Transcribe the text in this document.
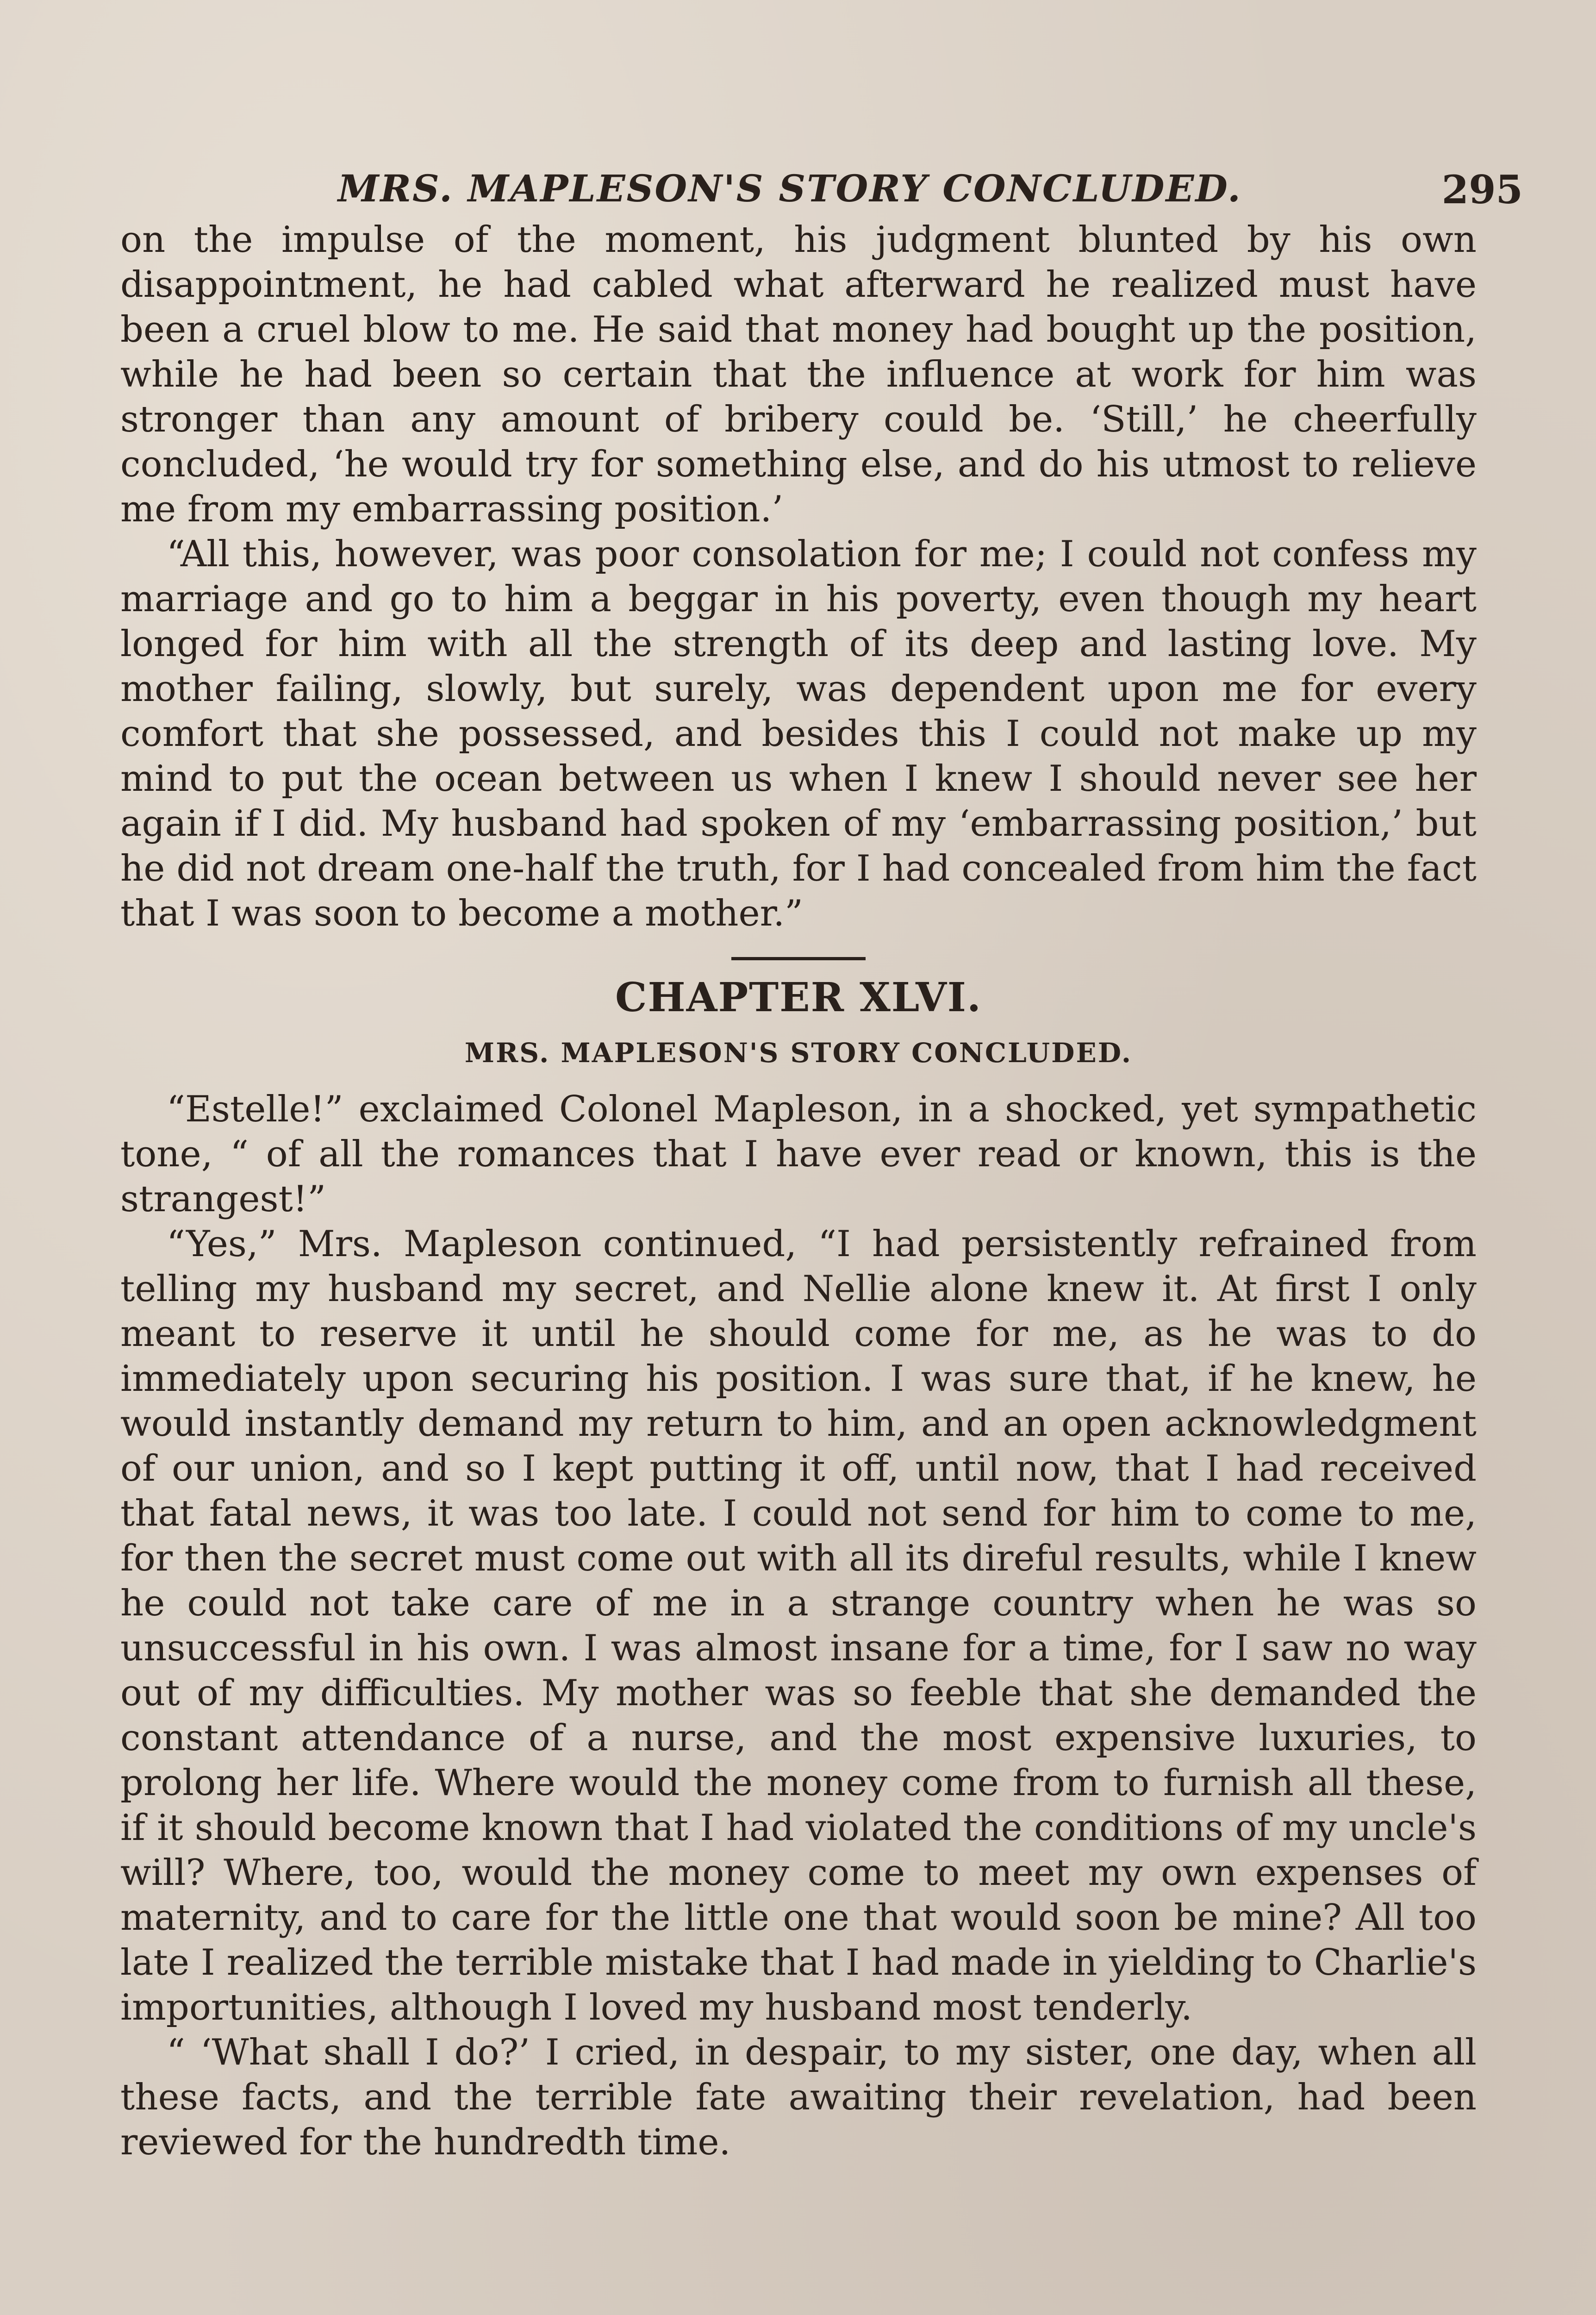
MRS. MAPLESON'S STORY CONCLUDED.	295

on the impulse of the moment, his judgment blunted by his own disappointment, he had cabled what afterward he realized must have been a cruel blow to me. He said that money had bought up the position, while he had been so certain that the influence at work for him was stronger than any amount of bribery could be. ‘Still,’ he cheerfully concluded, ‘he would try for something else, and do his utmost to relieve me from my embarrassing position.’

“All this, however, was poor consolation for me; I could not confess my marriage and go to him a beggar in his poverty, even though my heart longed for him with all the strength of its deep and lasting love. My mother failing, slowly, but surely, was dependent upon me for every comfort that she possessed, and besides this I could not make up my mind to put the ocean between us when I knew I should never see her again if I did. My husband had spoken of my ‘embarrassing position,’ but he did not dream one-half the truth, for I had concealed from him the fact that I was soon to become a mother.”

CHAPTER XLVI.
MRS. MAPLESON'S STORY CONCLUDED.

“Estelle!” exclaimed Colonel Mapleson, in a shocked, yet sympathetic tone, “ of all the romances that I have ever read or known, this is the strangest!”

“Yes,” Mrs. Mapleson continued, “I had persistently refrained from telling my husband my secret, and Nellie alone knew it. At first I only meant to reserve it until he should come for me, as he was to do immediately upon securing his position. I was sure that, if he knew, he would instantly demand my return to him, and an open acknowledgment of our union, and so I kept putting it off, until now, that I had received that fatal news, it was too late. I could not send for him to come to me, for then the secret must come out with all its direful results, while I knew he could not take care of me in a strange country when he was so unsuccessful in his own. I was almost insane for a time, for I saw no way out of my difficulties. My mother was so feeble that she demanded the constant attendance of a nurse, and the most expensive luxuries, to prolong her life. Where would the money come from to furnish all these, if it should become known that I had violated the conditions of my uncle's will? Where, too, would the money come to meet my own expenses of maternity, and to care for the little one that would soon be mine? All too late I realized the terrible mistake that I had made in yielding to Charlie's importunities, although I loved my husband most tenderly.

“ ‘What shall I do?’ I cried, in despair, to my sister, one day, when all these facts, and the terrible fate awaiting their revelation, had been reviewed for the hundredth time.
